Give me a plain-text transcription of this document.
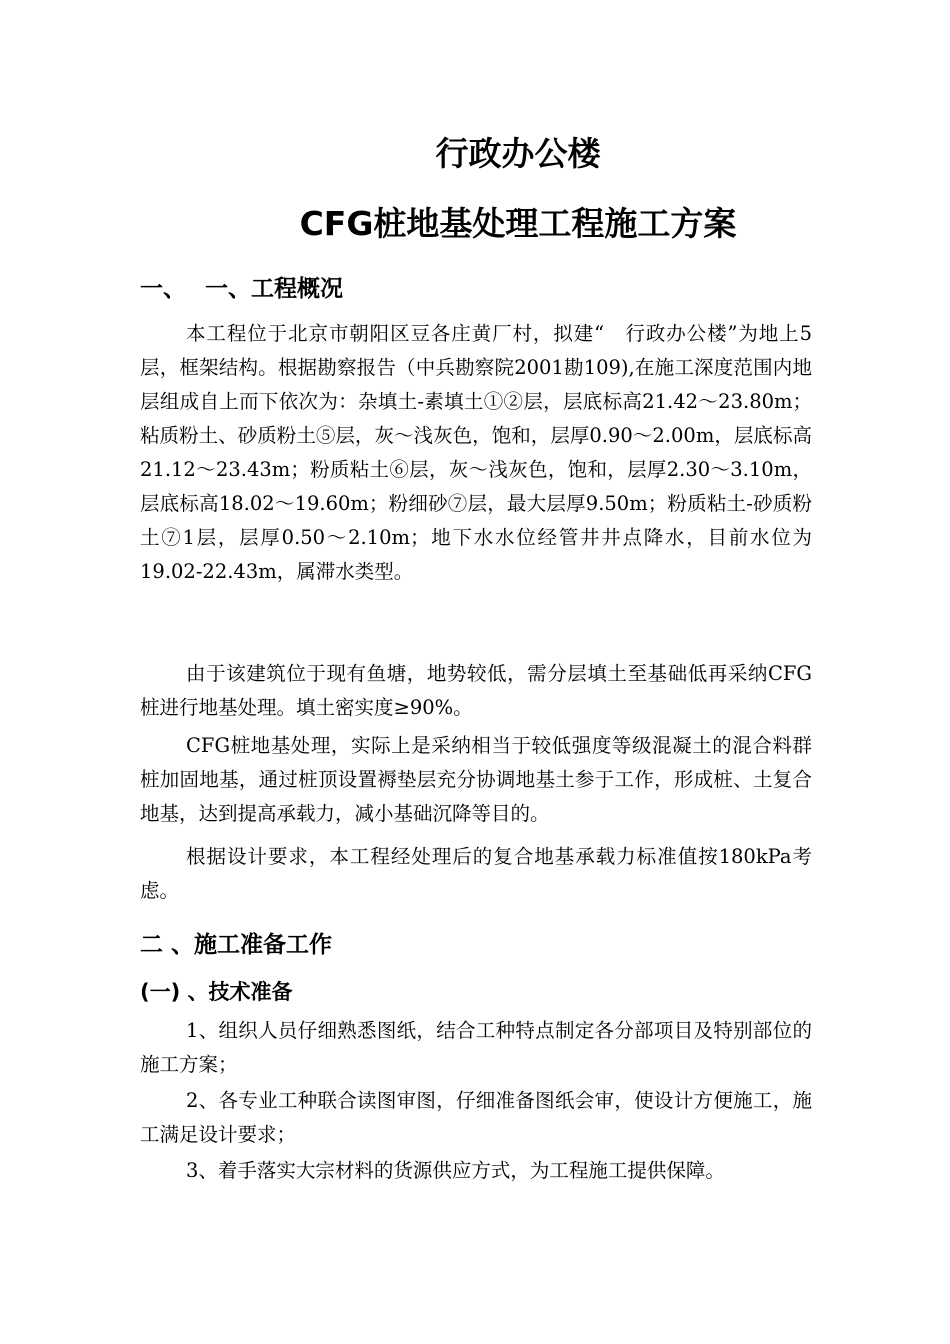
行政办公楼
CFG桩地基处理工程施工方案
一、 一、工程概况
本工程位于北京市朝阳区豆各庄黄厂村，拟建“　行政办公楼”为地上5层，框架结构。根据勘察报告（中兵勘察院2001勘109),在施工深度范围内地层组成自上而下依次为：杂填土-素填土①②层，层底标高21.42～23.80m；粘质粉土、砂质粉土⑤层，灰～浅灰色，饱和，层厚0.90～2.00m，层底标高21.12～23.43m；粉质粘土⑥层，灰～浅灰色，饱和，层厚2.30～3.10m，层底标高18.02～19.60m；粉细砂⑦层，最大层厚9.50m；粉质粘土-砂质粉土⑦1层，层厚0.50～2.10m；地下水水位经管井井点降水，目前水位为19.02-22.43m，属滞水类型。
由于该建筑位于现有鱼塘，地势较低，需分层填土至基础低再采纳CFG桩进行地基处理。填土密实度≥90%。
CFG桩地基处理，实际上是采纳相当于较低强度等级混凝土的混合料群桩加固地基，通过桩顶设置褥垫层充分协调地基土参于工作，形成桩、土复合地基，达到提高承载力，减小基础沉降等目的。
根据设计要求，本工程经处理后的复合地基承载力标准值按180kPa考虑。
二 、施工准备工作
(一) 、技术准备
1、组织人员仔细熟悉图纸，结合工种特点制定各分部项目及特别部位的施工方案；
2、各专业工种联合读图审图，仔细准备图纸会审，使设计方便施工，施工满足设计要求；
3、着手落实大宗材料的货源供应方式，为工程施工提供保障。
